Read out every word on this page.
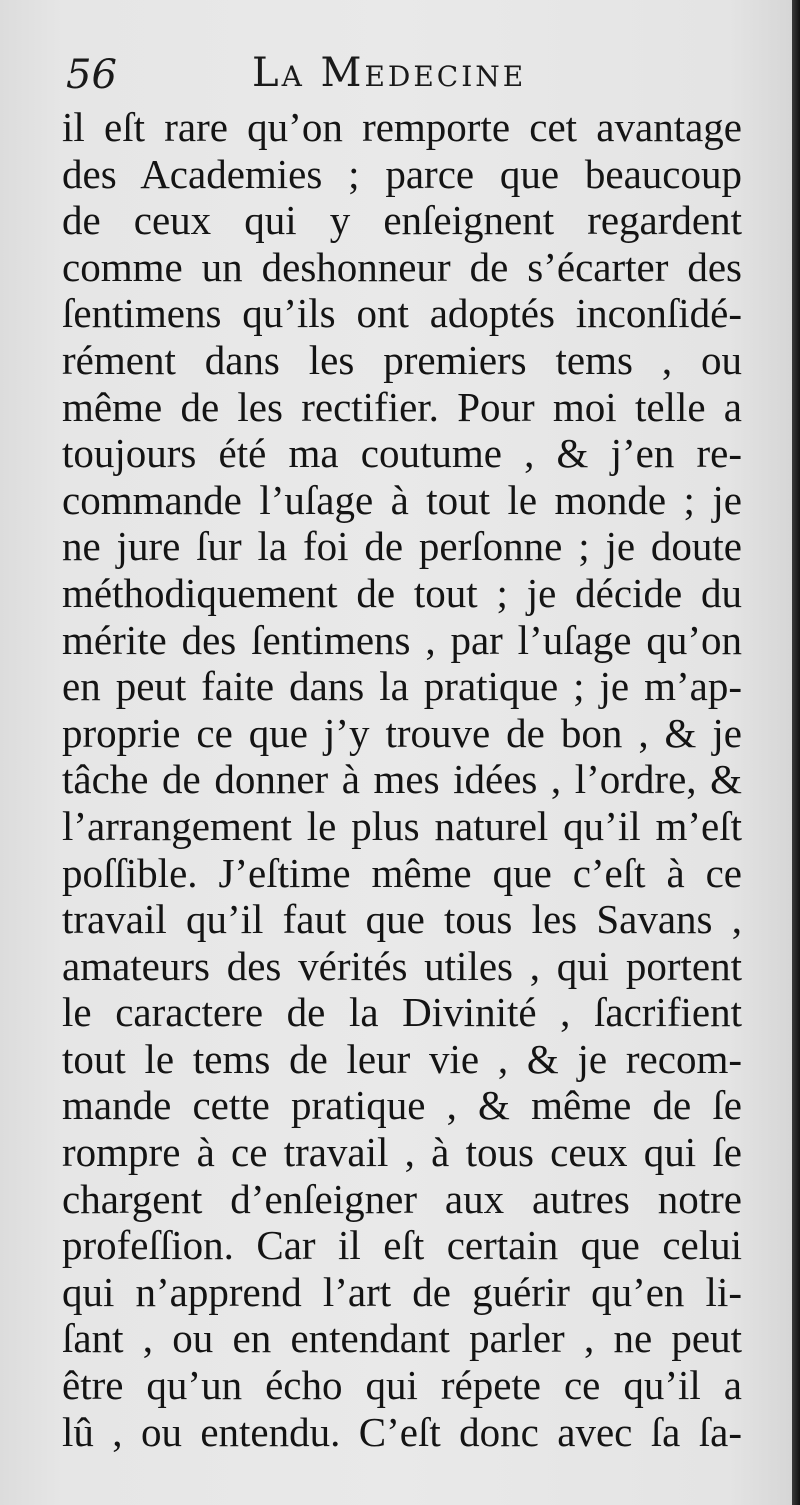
56	La Medecine
il eſt rare qu’on remporte cet avantage
des Academies ; parce que beaucoup
de ceux qui y enſeignent regardent
comme un deshonneur de s’écarter des
ſentimens qu’ils ont adoptés inconſidé-
rément dans les premiers tems , ou
même de les rectifier. Pour moi telle a
toujours été ma coutume , & j’en re-
commande l’uſage à tout le monde ; je
ne jure ſur la foi de perſonne ; je doute
méthodiquement de tout ; je décide du
mérite des ſentimens , par l’uſage qu’on
en peut faite dans la pratique ; je m’ap-
proprie ce que j’y trouve de bon , & je
tâche de donner à mes idées , l’ordre, &
l’arrangement le plus naturel qu’il m’eſt
poſſible. J’eſtime même que c’eſt à ce
travail qu’il faut que tous les Savans ,
amateurs des vérités utiles , qui portent
le caractere de la Divinité , ſacrifient
tout le tems de leur vie , & je recom-
mande cette pratique , & même de ſe
rompre à ce travail , à tous ceux qui ſe
chargent d’enſeigner aux autres notre
profeſſion. Car il eſt certain que celui
qui n’apprend l’art de guérir qu’en li-
ſant , ou en entendant parler , ne peut
être qu’un écho qui répete ce qu’il a
lû , ou entendu. C’eſt donc avec ſa ſa-
